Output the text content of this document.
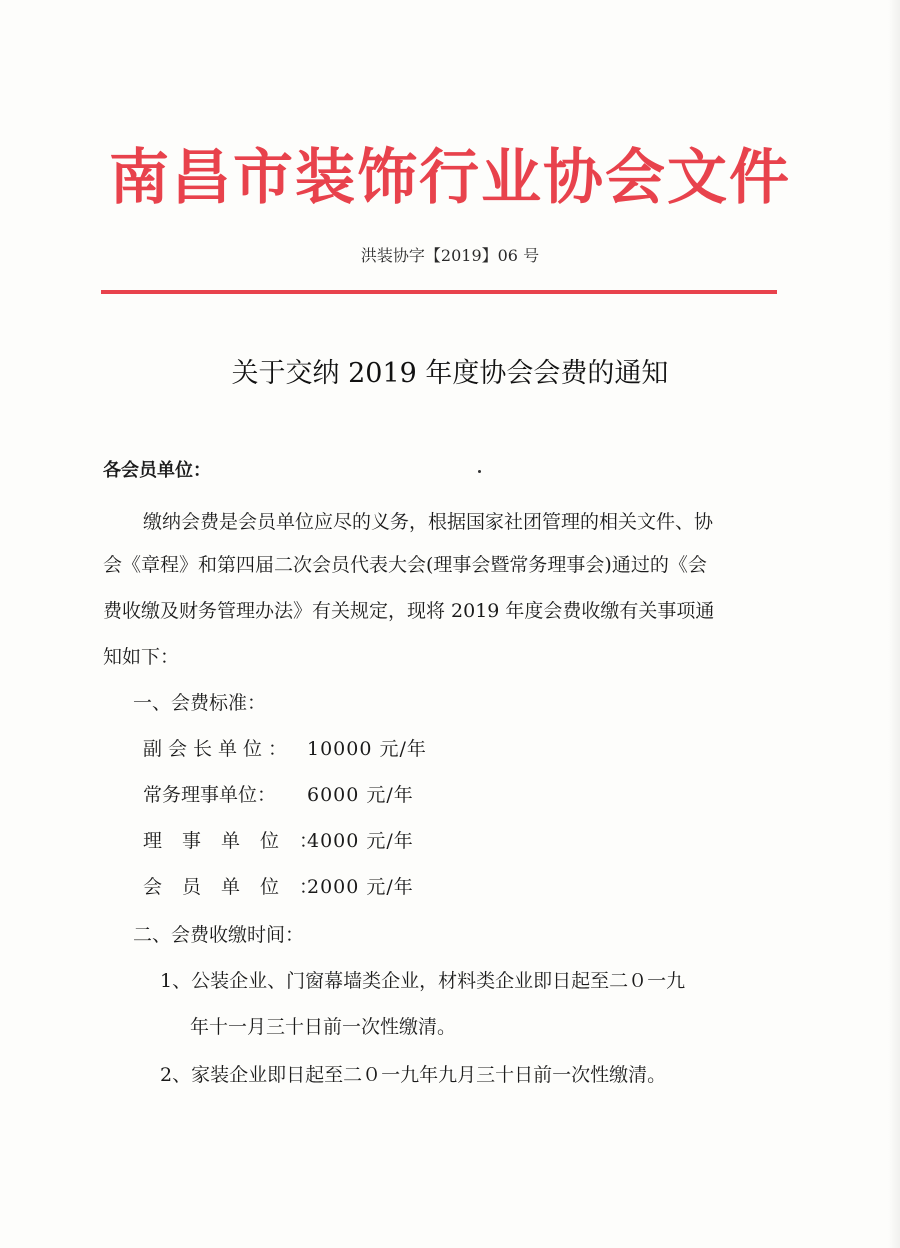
南昌市装饰行业协会文件
洪装协字【2019】06 号
关于交纳 2019 年度协会会费的通知
各会员单位：
缴纳会费是会员单位应尽的义务，根据国家社团管理的相关文件、协
会《章程》和第四届二次会员代表大会(理事会暨常务理事会)通过的《会
费收缴及财务管理办法》有关规定，现将 2019 年度会费收缴有关事项通
知如下：
一、会费标准：
副会长单位： 10000 元/年
常务理事单位： 6000 元/年
理事单位：4000 元/年
会员单位：2000 元/年
二、会费收缴时间：
1、公装企业、门窗幕墙类企业，材料类企业即日起至二０一九
年十一月三十日前一次性缴清。
2、家装企业即日起至二０一九年九月三十日前一次性缴清。
